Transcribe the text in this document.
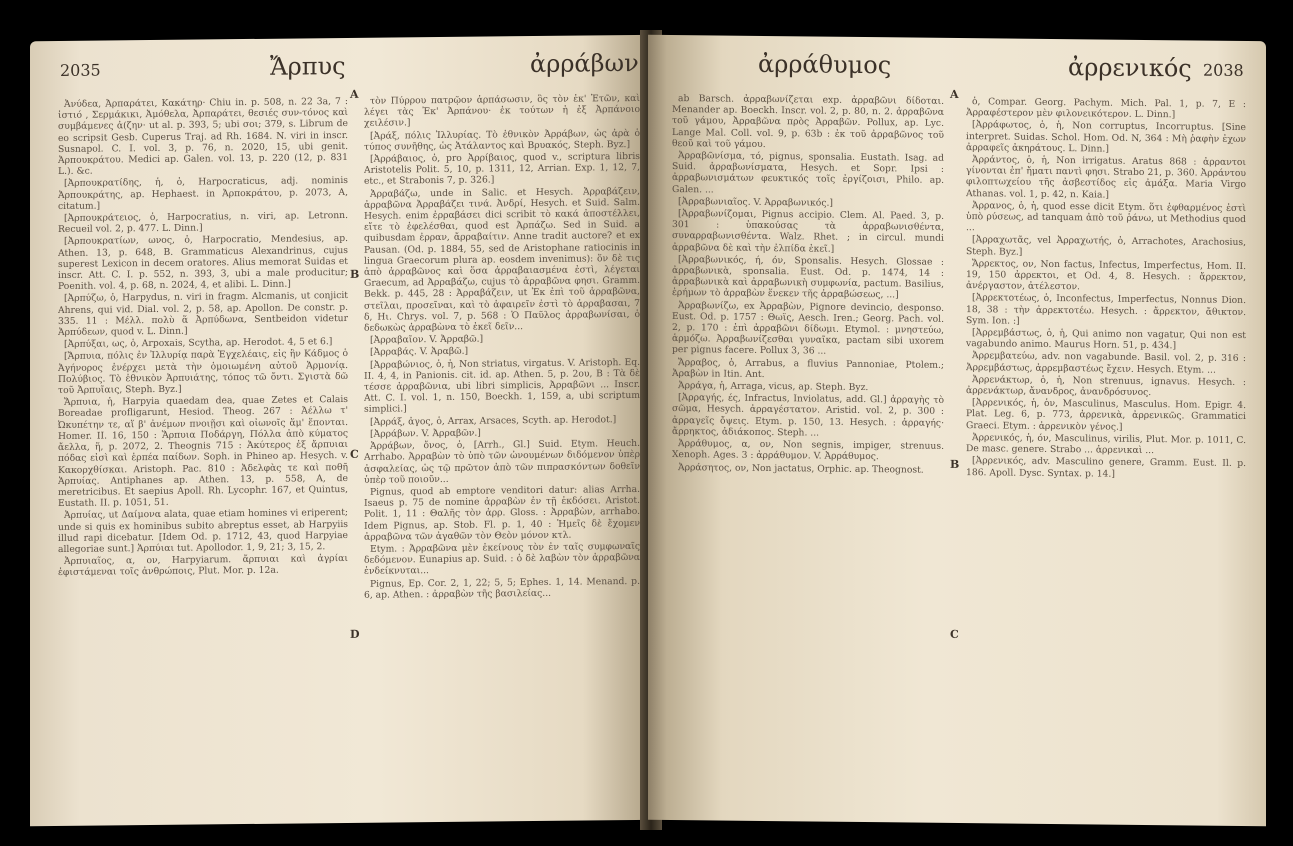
2035	Ἄρπυς	ἀρράβων

Ἀνύδεα, Ἀρπαράτει, Κακάτηρ· Chiu in. p. 508, n. 22 3a, 7 : ἰστιό , Σερμάκικι, Ἀμόθελα, Ἀρπαράτει, θεσιές συν-τόνος καὶ συμβάμενες ἀ(ζην· ut al. p. 393, 5; ubi σοι; 379, s. Librum de eo scripsit Gesb. Cuperus Traj. ad Rh. 1684. N. viri in inscr. Susnapol. C. I. vol. 3, p. 76, n. 2020, 15, ubi genit. Ἀρπουκράτου. Medici ap. Galen. vol. 13, p. 220 (12, p. 831 L.). &c.

[Ἀρπουκρατίδης, ἡ, ὁ, Harpocraticus, adj. nominis Ἀρπουκράτης, ap. Hephaest. in Ἀρποκράτου, p. 2073, A, citatum.]

[Ἀρπουκράτειος, ὁ, Harpocratius, n. viri, ap. Letronn. Recueil vol. 2, p. 477. L. Dinn.]

[Ἀρπουκρατίων, ωνος, ὁ, Harpocratio, Mendesius, ap. Athen. 13, p. 648, B. Grammaticus Alexandrinus, cujus superest Lexicon in decem oratores. Alius memorat Suidas et inscr. Att. C. I. p. 552, n. 393, 3, ubi a male producitur; Poenith. vol. 4, p. 68, n. 2024, 4, et alibi. L. Dinn.]

[Ἀρπύζω, ὁ, Harpydus, n. viri in fragm. Alcmanis, ut conjicit Ahrens, qui vid. Dial. vol. 2, p. 58, ap. Apollon. De constr. p. 335. 11 : Μέλλ. πολὺ ἅ Ἀρπύδωνα, Sentbeidon videtur Ἀρπύδεων, quod v. L. Dinn.]

[Ἀρπύξαι, ως, ὁ, Arpoxais, Scytha, ap. Herodot. 4, 5 et 6.]

[Ἄρπυια, πόλις ἐν Ἰλλυρίᾳ παρὰ Ἐγχελέαις, εἰς ἣν Κάδμος ὁ Ἀγήνορος ἐνέρχει μετὰ τὴν ὁμοιωμένη αὐτοῦ Ἁρμονίᾳ. Πολύβιος. Τὸ ἐθνικὸν Ἀρπυιάτης, τόπος τῶ ὄντι. Σγιστὰ δῶ τοῦ Ἀρπυῖαις, Steph. Byz.]

Ἄρπυια, ἡ, Harpyia quaedam dea, quae Zetes et Calais Boreadae profligarunt, Hesiod. Theog. 267 : Ἀέλλω τ' Ὠκυπέτην τε, αἵ β' ἀνέμων πνοιῇσι καὶ οἰωνοῖς ἅμ' ἕπονται. Homer. II. 16, 150 : Ἅρπυια Ποδάργη, Πόλλα ἀπὸ κύματος ἄελλα, ἥ, p. 2072, 2. Theognis 715 : Ἀκύτερος ἐξ ἄρπυιαι πόδας εἰσὶ καὶ ἑρπέα παίδων. Soph. in Phineo ap. Hesych. v. Κακορχθίσκαι. Aristoph. Pac. 810 : Ἀδελφὰς τε καὶ ποθῆ Ἁρπυίας. Antiphanes ap. Athen. 13, p. 558, A, de meretricibus. Et saepius Apoll. Rh. Lycophr. 167, et Quintus, Eustath. II. p. 1051, 51.

Ἀρπυίας, ut Δαίμονα alata, quae etiam homines vi eriperent; unde si quis ex hominibus subito abreptus esset, ab Harpyiis illud rapi dicebatur. [Idem Od. p. 1712, 43, quod Harpyiae allegoriae sunt.] Ἁρπύιαι tut. Apollodor. 1, 9, 21; 3, 15, 2.

Ἀρπυιαῖος, α, ον, Harpyiarum. ἄρπυιαι καὶ ἀγρίαι ἐφιστάμεναι τοῖς ἀνθρώποις, Plut. Mor. p. 12a.

τὸν Πύρρου πατρῷον ἀρπάσωσιν, ὃς τὸν ἐκ' Ἐτῶν, καὶ λέγει τὰς Ἐκ' Ἀρπάνου· ἐκ τούτων ἡ ἐξ Ἀρπάνοιο χειλέσιν.]

[Ἀράξ, πόλις Ἰλλυρίας. Τὸ ἐθνικὸν Ἀρράβων, ὡς ἀρὰ ὁ τύπος συνῆθης, ὡς Ἀτάλαντος καὶ Βρυακός, Steph. Byz.]

[Ἀρράβαιος, ὁ, pro Ἀρρίβαιος, quod v., scriptura libris Aristotelis Polit. 5, 10, p. 1311, 12, Arrian. Exp. 1, 12, 7, etc., et Strabonis 7, p. 326.]

Ἀρραβάζω, unde in Salic. et Hesych. Ἀρραβάζειν, ἀρραβῶνα Ἀρραβάζει τινά. Ἀνδρί, Hesych. et Suid. Salm. Hesych. enim ἐρραβάσει dici scribit τὸ κακά ἀποστέλλει, εἴτε τὸ ἐφελέσθαι, quod est Ἀρπάζω. Sed in Suid. a quibusdam ἐρραν, ἄρραβαίτιν. Anne tradit auctore? et ex Pausan. (Od. p. 1884, 55, sed de Aristophane ratiocinis in lingua Graecorum plura ap. eosdem invenimus): ὅν δὲ τις ἀπὸ ἀρραβῶνος καὶ ὅσα ἀρραβαιασμένα ἐστὶ, λέγεται Graecum, ad Ἀρραβάζω, cujus τὸ ἀρραβῶνα φησι. Gramm. Bekk. p. 445, 28 : Ἀρραβάζειν, ut Ἐκ ἐπὶ τοῦ ἀρραβῶνα, στεῖλαι, προσεῖναι, καὶ τὸ ἀφαιρεῖν ἐστὶ τὸ ἀρραβασαι, 7 δ, Ηι. Chrys. vol. 7, p. 568 : Ὁ Παῦλος ἀρραβωνίσαι, ὁ δεδωκὼς ἀρραβὼνα τὸ ἐκεῖ δεῖν...

[Ἀρραβαῖον. V. Ἀρραβῶ.]

[Ἀρραβάς. V. Ἀραβῶ.]

[Ἀρραβώνιος, ὁ, ἡ, Non striatus, virgatus. V. Aristoph. Eq. II. 4, 4, in Panionis. cit. id. ap. Athen. 5, p. 2ου, Β : Τὰ δὲ τέσσε ἀρραβῶνια, ubi libri simplicis, Ἀρραβῶνι ... Inscr. Att. C. I. vol. 1, n. 150, Boeckh. 1, 159, a, ubi scriptum simplici.]

[Ἀρράξ, ἀγος, ὁ, Arrax, Arsaces, Scyth. ap. Herodot.]

[Ἀρράβων. V. Ἀρραβῶν.]

Ἀρράβων, ὄνος, ὁ, [Arrh., Gl.] Suid. Etym. Heuch. Arrhabo. Ἀρραβὼν τὸ ὑπὸ τῶν ὠνουμένων διδόμενον ὑπὲρ ἀσφαλείας, ὡς τῷ πρῶτον ἀπὸ τῶν πιπρασκόντων δοθεῖν ὑπὲρ τοῦ ποιοῦν...

Pignus, quod ab emptore venditori datur: alias Arrha. Isaeus p. 75 de nomine ἀρραβὼν ἐν τῇ ἐκδόσει. Aristot. Polit. 1, 11 : Θαλῆς τὸν ἀρρ. Gloss. : Ἀρραβὼν, arrhabo. Idem Pignus, ap. Stob. Fl. p. 1, 40 : Ἡμεῖς δὲ ἔχομεν ἀρραβῶνα τῶν ἀγαθῶν τὸν Θεὸν μόνον κτλ.

Etym. : Ἀρραβῶνα μὲν ἐκείνους τὸν ἐν ταῖς συμφωναῖς δεδόμενον. Eunapius ap. Suid. : ὁ δὲ λαβὼν τὸν ἀρραβῶνα ἐνδείκνυται...

Pignus, Ep. Cor. 2, 1, 22; 5, 5; Ephes. 1, 14. Menand. p. 6, ap. Athen. : ἀρραβὼν τῆς βασιλείας...

A
B
C
D
ἀρράθυμος	ἀρρενικός 2038

ab Barsch. ἀρραβωνίζεται exp. ἀρραβῶνι δίδοται. Menander ap. Boeckh. Inscr. vol. 2, p. 80, n. 2. ἀρραβῶνα τοῦ γάμου, Ἀρραβῶνα πρὸς Ἀρραβῶν. Pollux, ap. Lyc. Lange Mal. Coll. vol. 9, p. 63b : ἐκ τοῦ ἀρραβῶνος τοῦ θεοῦ καὶ τοῦ γάμου.

Ἀρραβῶνίσμα, τό, pignus, sponsalia. Eustath. Isag. ad Suid. ἀρραβωνίσματα, Hesych. et Sopr. Ipsi : ἀρραβωνισμάτων φευκτικός τοῖς ἐργίζοισι, Philo. ap. Galen. ...

[Ἀρραβωνιαῖος. V. Ἀρραβωνικός.]

[Ἀρραβωνίζομαι, Pignus accipio. Clem. Al. Paed. 3, p. 301 : ὑπακούσας τὰ ἀρραβωνισθέντα, συναρραβωνισθέντα. Walz. Rhet. ; in circul. mundi ἀρραβῶνα δὲ καὶ τὴν ἐλπίδα ἐκεῖ.]

[Ἀρραβωνικός, ή, όν, Sponsalis. Hesych. Glossae : ἀρραβωνικὰ, sponsalia. Eust. Od. p. 1474, 14 : ἀρραβωνικὰ καὶ ἀρραβωνικὴ συμφωνία, pactum. Basilius, ἐρήμων τὸ ἀρραβὼν ἕνεκεν τῆς ἀρραβώσεως, ...]

Ἀρραβωνίζω, ex Ἀρραβὼν, Pignore devincio, desponso. Eust. Od. p. 1757 : Θωϊς, Aesch. Iren.; Georg. Pach. vol. 2, p. 170 : ἐπὶ ἀρραβῶνι δίδωμι. Etymol. : μνηστεύω, ἁρμόζω. Ἀρραβωνίζεσθαι γυναῖκα, pactam sibi uxorem per pignus facere. Pollux 3, 36 ...

Ἄρραβος, ὁ, Arrabus, a fluvius Pannoniae, Ptolem.; Ἀραβὼν in Itin. Ant.

Ἀρράγα, ἡ, Arraga, vicus, ap. Steph. Byz.

[Ἀρραγής, ές, Infractus, Inviolatus, add. Gl.] ἀρραγὴς τὸ σῶμα, Hesych. ἀρραγέστατον. Aristid. vol. 2, p. 300 : ἀρραγεῖς ὄψεις. Etym. p. 150, 13. Hesych. : ἀρραγής· ἄρρηκτος, ἀδιάκοπος. Steph. ...

Ἀρράθυμος, α, ον, Non segnis, impiger, strenuus. Xenoph. Ages. 3 : ἀρράθυμον. V. Ἀρράθυμος.

Ἀρράσητος, ον, Non jactatus, Orphic. ap. Theognost.

ὁ, Compar. Georg. Pachym. Mich. Pal. 1, p. 7, E : Ἀρραφέστερον μὲν φιλονεικότερον. L. Dinn.]

[Ἀρράφωτος, ὁ, ἡ, Non corruptus, Incorruptus. [Sine interpret. Suidas. Schol. Hom. Od. N, 364 : Μὴ ῥαφὴν ἐχων ἀρραφεῖς ἀκηράτους. L. Dinn.]

Ἀρράντος, ὁ, ἡ, Non irrigatus. Aratus 868 : ἀρραντοι γίνονται ἐπ' ἤματι παντὶ φησι. Strabo 21, p. 360. Ἀρράντου φιλοπτωχείου τῆς ἀσβεστίδος εἰς ἀμάξα. Maria Virgo Athanas. vol. 1, p. 42, n. Kaia.]

Ἀρρανος, ὁ, ἡ, quod esse dicit Etym. ὅτι ἐφθαρμένος ἐστὶ ὑπὸ ρύσεως, ad tanquam ἀπὸ τοῦ ῥάνω, ut Methodius quod ...

[Ἀρραχωτᾶς, vel Ἀρραχωτής, ὁ, Arrachotes, Arachosius, Steph. Byz.]

Ἄρρεκτος, ον, Non factus, Infectus, Imperfectus, Hom. II. 19, 150 ἀρρεκτοι, et Od. 4, 8. Hesych. : ἄρρεκτον, ἀνέργαστον, ἀτέλεστον.

[Ἀρρεκτοτέως, ὁ, Inconfectus, Imperfectus, Nonnus Dion. 18, 38 : τὴν ἀρρεκτοτέω. Hesych. : ἄρρεκτον, ἄθικτον. Sym. Ion. :]

[Ἀρρεμβάστως, ὁ, ἡ, Qui animo non vagatur, Qui non est vagabundo animo. Maurus Horn. 51, p. 434.]

Ἀρρεμβατεύω, adv. non vagabunde. Basil. vol. 2, p. 316 : Ἀρρεμβάστως, ἀρρεμβαστέως ἔχειν. Hesych. Etym. ...

Ἀρρενάκτωρ, ὁ, ἡ, Non strenuus, ignavus. Hesych. : ἀρρενάκτωρ, ἄνανδρος, ἀνανδρόσυνος.

[Ἀρρενικός, ἡ, ὁν, Masculinus, Masculus. Hom. Epigr. 4. Plat. Leg. 6, p. 773, ἀρρενικὰ, ἀρρενικῶς. Grammatici Graeci. Etym. : ἀρρενικὸν γένος.]

Ἀρρενικός, ἡ, όν, Masculinus, virilis, Plut. Mor. p. 1011, C. De masc. genere. Strabo ... ἀρρενικαὶ ...

[Ἀρρενικός, adv. Masculino genere, Gramm. Eust. Il. p. 186. Apoll. Dysc. Syntax. p. 14.]

A
B
C
